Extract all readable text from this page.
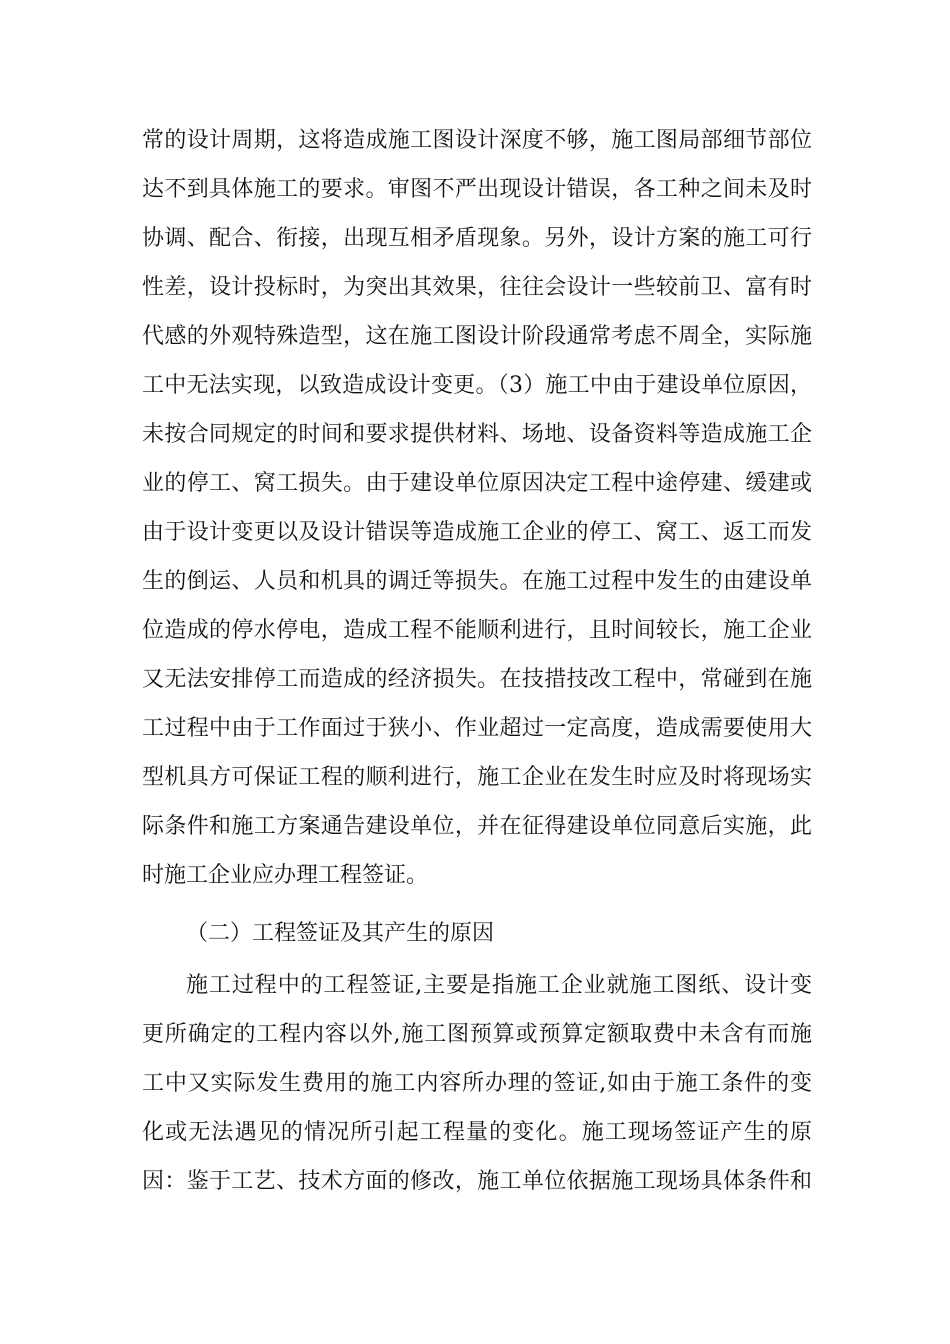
常的设计周期，这将造成施工图设计深度不够，施工图局部细节部位
达不到具体施工的要求。审图不严出现设计错误，各工种之间未及时
协调、配合、衔接，出现互相矛盾现象。另外，设计方案的施工可行
性差，设计投标时，为突出其效果，往往会设计一些较前卫、富有时
代感的外观特殊造型，这在施工图设计阶段通常考虑不周全，实际施
工中无法实现，以致造成设计变更。（3）施工中由于建设单位原因，
未按合同规定的时间和要求提供材料、场地、设备资料等造成施工企
业的停工、窝工损失。由于建设单位原因决定工程中途停建、缓建或
由于设计变更以及设计错误等造成施工企业的停工、窝工、返工而发
生的倒运、人员和机具的调迁等损失。在施工过程中发生的由建设单
位造成的停水停电，造成工程不能顺利进行，且时间较长，施工企业
又无法安排停工而造成的经济损失。在技措技改工程中，常碰到在施
工过程中由于工作面过于狭小、作业超过一定高度，造成需要使用大
型机具方可保证工程的顺利进行，施工企业在发生时应及时将现场实
际条件和施工方案通告建设单位，并在征得建设单位同意后实施，此
时施工企业应办理工程签证。
（二）工程签证及其产生的原因
施工过程中的工程签证,主要是指施工企业就施工图纸、设计变
更所确定的工程内容以外,施工图预算或预算定额取费中未含有而施
工中又实际发生费用的施工内容所办理的签证,如由于施工条件的变
化或无法遇见的情况所引起工程量的变化。施工现场签证产生的原
因：鉴于工艺、技术方面的修改，施工单位依据施工现场具体条件和
